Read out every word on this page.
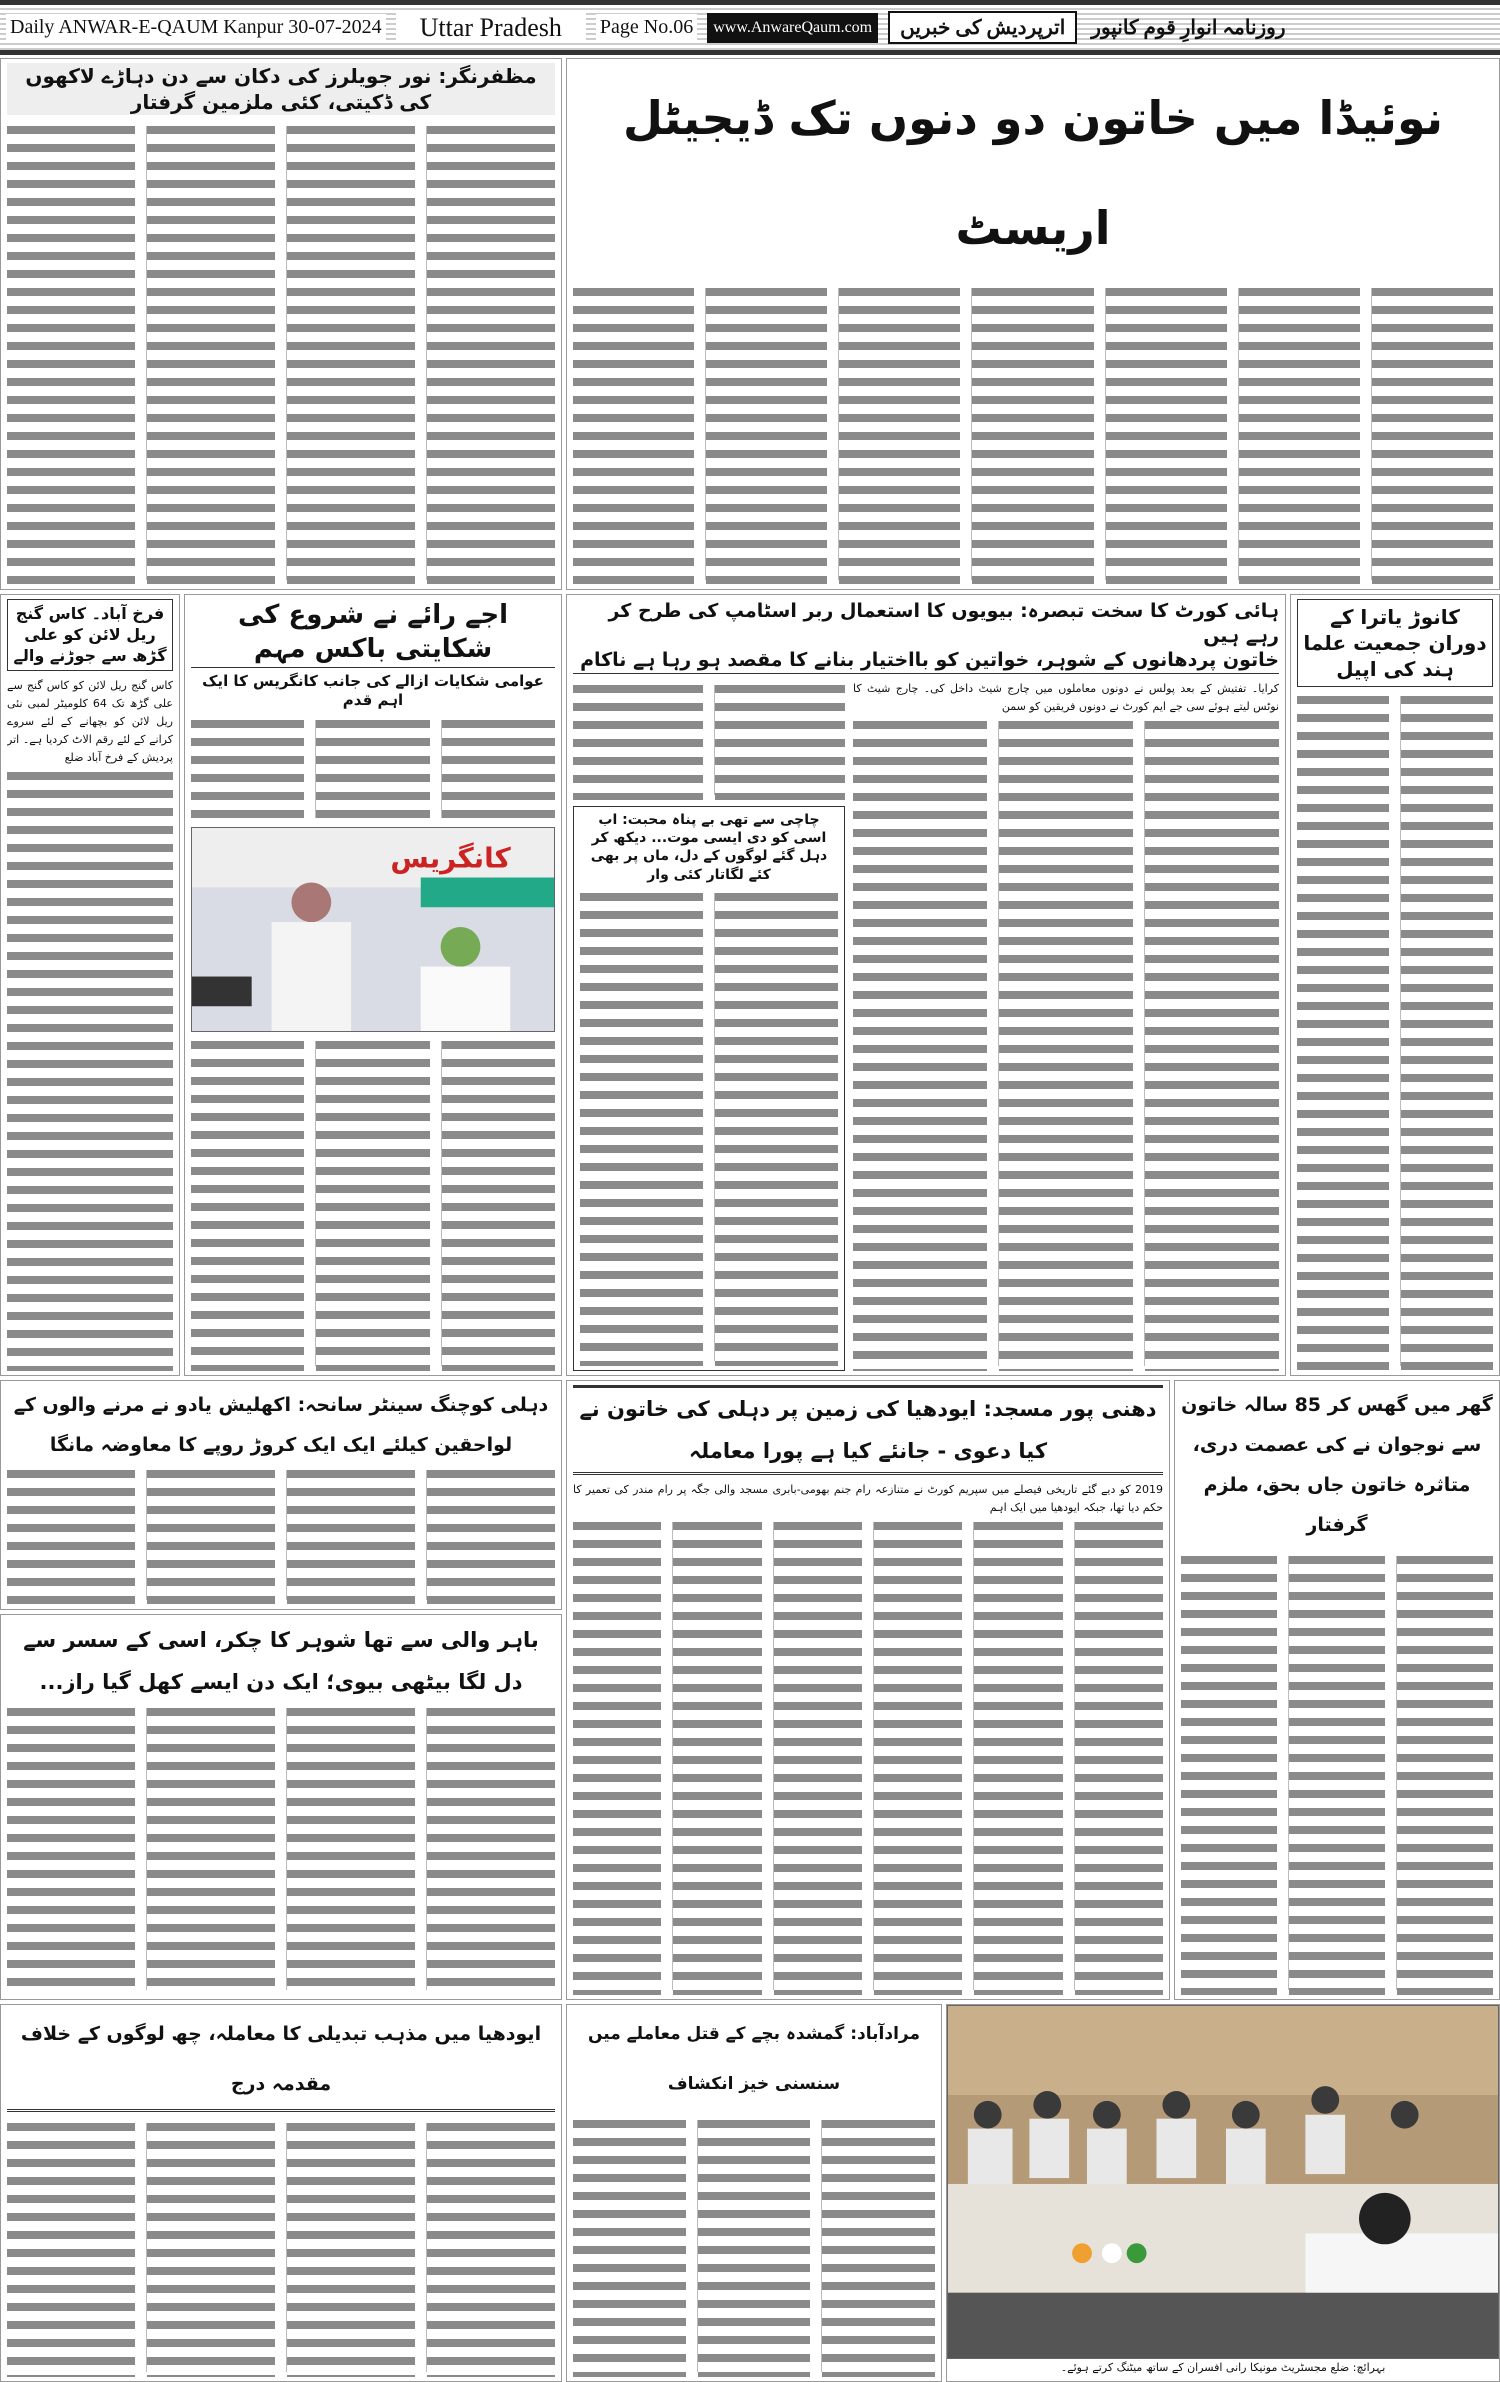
Daily ANWAR-E-QAUM Kanpur 30-07-2024	Uttar Pradesh	Page No.06	www.AnwareQaum.com	اترپردیش کی خبریں	روزنامہ انوارِ قوم کانپور
مظفرنگر: نور جویلرز کی دکان سے دن دہاڑے لاکھوں کی ڈکیتی، کئی ملزمین گرفتار	نوئیڈا میں خاتون دو دنوں تک ڈیجیٹل اریسٹ
فرخ آباد۔ کاس گنج ریل لائن کو علی گڑھ سے جوڑنے والے

کاس گنج ریل لائن کو کاس گنج سے علی گڑھ تک 64 کلومیٹر لمبی نئی ریل لائن کو بچھانے کے لئے سروے کرانے کے لئے رقم الاٹ کردیا ہے۔ اتر پردیش کے فرخ آباد ضلع

اجے رائے نے شروع کی شکایتی باکس مہم
عوامی شکایات ازالے کی جانب کانگریس کا ایک اہم قدم
کانگریس
ہائی کورٹ کا سخت تبصرہ: بیویوں کا استعمال ربر اسٹامپ کی طرح کر رہے ہیں
خاتون پردھانوں کے شوہر، خواتین کو بااختیار بنانے کا مقصد ہو رہا ہے ناکام

کرایا۔ تفتیش کے بعد پولس نے دونوں معاملوں میں چارج شیٹ داخل کی۔ چارج شیٹ کا نوٹس لیتے ہوئے سی جے ایم کورٹ نے دونوں فریقین کو سمن

چاچی سے تھی بے پناہ محبت: اب اسی کو دی ایسی موت... دیکھ کر دہل گئے لوگوں کے دل، ماں پر بھی کئے لگاتار کئی وار
کانوڑ یاترا کے دوران جمعیت علما ہند کی اپیل
دہلی کوچنگ سینٹر سانحہ: اکھلیش یادو نے مرنے والوں کے لواحقین کیلئے ایک ایک کروڑ روپے کا معاوضہ مانگا
باہر والی سے تھا شوہر کا چکر، اسی کے سسر سے دل لگا بیٹھی بیوی؛ ایک دن ایسے کھل گیا راز...
دھنی پور مسجد: ایودھیا کی زمین پر دہلی کی خاتون نے کیا دعوی - جانئے کیا ہے پورا معاملہ

2019 کو دیے گئے تاریخی فیصلے میں سپریم کورٹ نے متنازعہ رام جنم بھومی-بابری مسجد والی جگہ پر رام مندر کی تعمیر کا حکم دیا تھا، جبکہ ایودھیا میں ایک اہم

گھر میں گھس کر 85 سالہ خاتون سے نوجوان نے کی عصمت دری، متاثرہ خاتون جاں بحق، ملزم گرفتار
ایودھیا میں مذہب تبدیلی کا معاملہ، چھ لوگوں کے خلاف مقدمہ درج
مرادآباد: گمشدہ بچے کے قتل معاملے میں سنسنی خیز انکشاف
بہرائچ: ضلع مجسٹریٹ مونیکا رانی افسران کے ساتھ میٹنگ کرتے ہوئے۔
